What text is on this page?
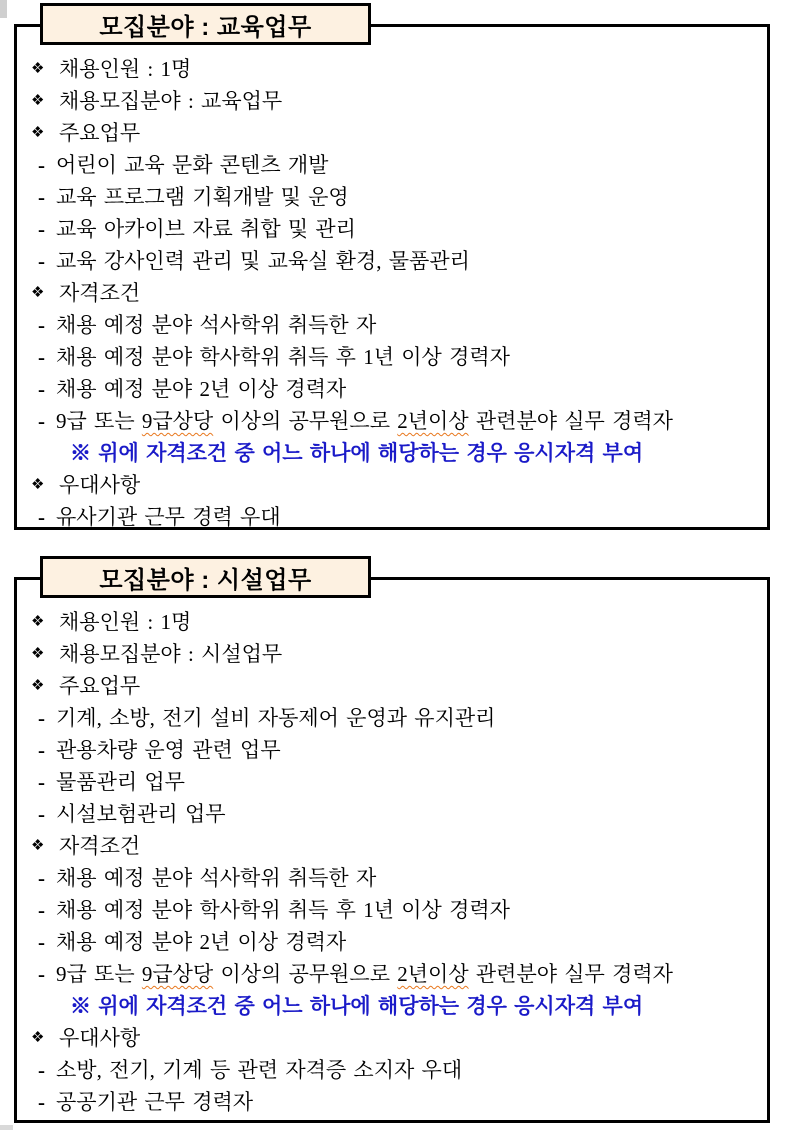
모집분야 : 교육업무
❖ 채용인원 : 1명
❖ 채용모집분야 : 교육업무
❖ 주요업무
- 어린이 교육 문화 콘텐츠 개발
- 교육 프로그램 기획개발 및 운영
- 교육 아카이브 자료 취합 및 관리
- 교육 강사인력 관리 및 교육실 환경, 물품관리
❖ 자격조건
- 채용 예정 분야 석사학위 취득한 자
- 채용 예정 분야 학사학위 취득 후 1년 이상 경력자
- 채용 예정 분야 2년 이상 경력자
- 9급 또는 9급상당 이상의 공무원으로 2년이상 관련분야 실무 경력자
※ 위에 자격조건 중 어느 하나에 해당하는 경우 응시자격 부여
❖ 우대사항
- 유사기관 근무 경력 우대
모집분야 : 시설업무
❖ 채용인원 : 1명
❖ 채용모집분야 : 시설업무
❖ 주요업무
- 기계, 소방, 전기 설비 자동제어 운영과 유지관리
- 관용차량 운영 관련 업무
- 물품관리 업무
- 시설보험관리 업무
❖ 자격조건
- 채용 예정 분야 석사학위 취득한 자
- 채용 예정 분야 학사학위 취득 후 1년 이상 경력자
- 채용 예정 분야 2년 이상 경력자
- 9급 또는 9급상당 이상의 공무원으로 2년이상 관련분야 실무 경력자
※ 위에 자격조건 중 어느 하나에 해당하는 경우 응시자격 부여
❖ 우대사항
- 소방, 전기, 기계 등 관련 자격증 소지자 우대
- 공공기관 근무 경력자
